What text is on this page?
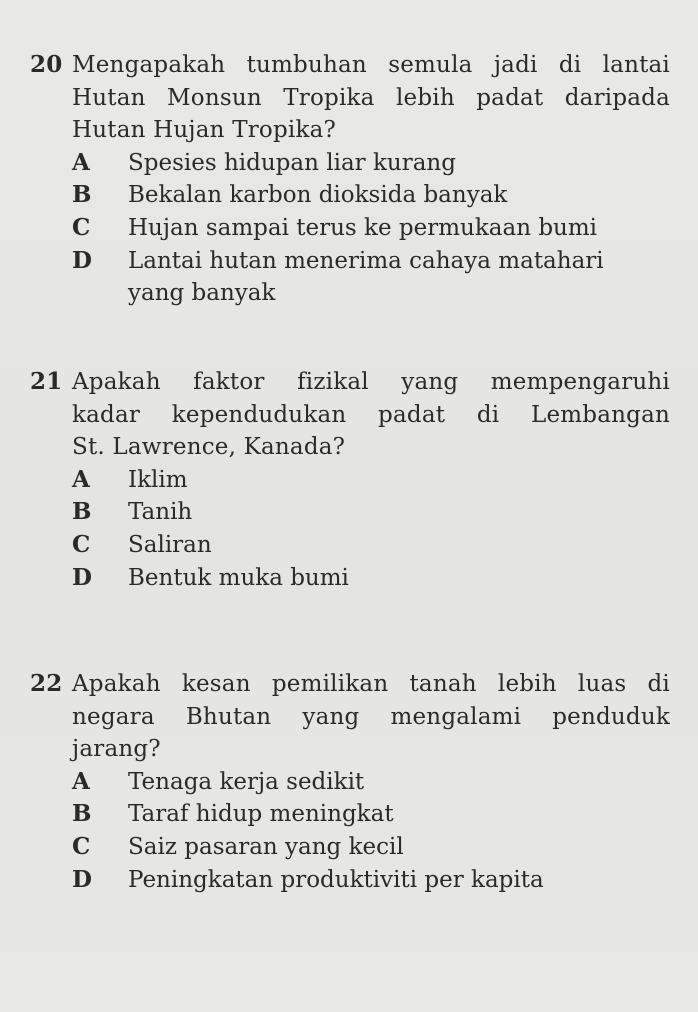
20 Mengapakah tumbuhan semula jadi di lantai
Hutan Monsun Tropika lebih padat daripada
Hutan Hujan Tropika?
A Spesies hidupan liar kurang
B Bekalan karbon dioksida banyak
C Hujan sampai terus ke permukaan bumi
D Lantai hutan menerima cahaya matahari
yang banyak
21 Apakah faktor fizikal yang mempengaruhi
kadar kependudukan padat di Lembangan
St. Lawrence, Kanada?
A Iklim
B Tanih
C Saliran
D Bentuk muka bumi
22 Apakah kesan pemilikan tanah lebih luas di
negara Bhutan yang mengalami penduduk
jarang?
A Tenaga kerja sedikit
B Taraf hidup meningkat
C Saiz pasaran yang kecil
D Peningkatan produktiviti per kapita
